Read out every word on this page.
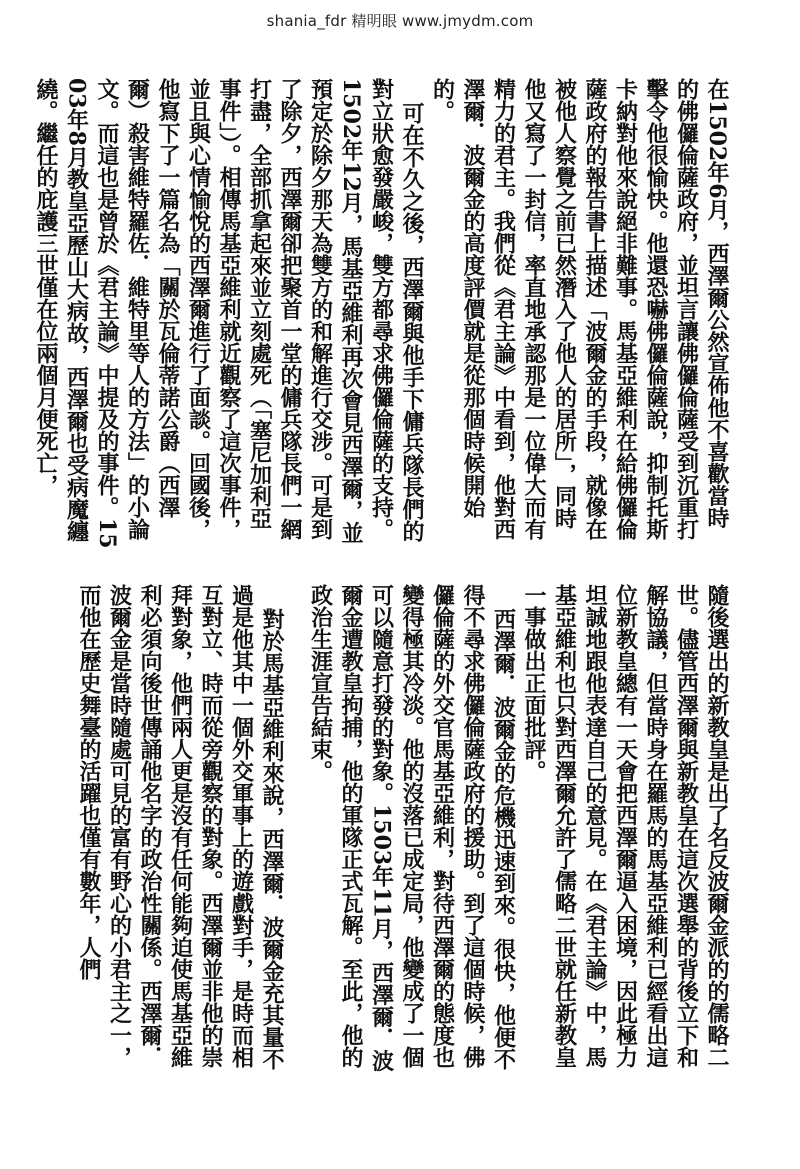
shania_fdr 精明眼 www.jmydm.com

在1502年6月，西澤爾公然宣佈他不喜歡當時的佛儸倫薩政府，並坦言讓佛儸倫薩受到沉重打擊令他很愉快。他還恐嚇佛儸倫薩說，抑制托斯卡納對他來說絕非難事。馬基亞維利在給佛儸倫薩政府的報告書上描述「波爾金的手段，就像在被他人察覺之前已然潛入了他人的居所」，同時他又寫了一封信，率直地承認那是一位偉大而有精力的君主。我們從《君主論》中看到，他對西澤爾．波爾金的高度評價就是從那個時候開始的。

可在不久之後，西澤爾與他手下傭兵隊長們的對立狀愈發嚴峻，雙方都尋求佛儸倫薩的支持。1502年12月，馬基亞維利再次會見西澤爾，並預定於除夕那天為雙方的和解進行交涉。可是到了除夕，西澤爾卻把聚首一堂的傭兵隊長們一網打盡，全部抓拿起來並立刻處死（「塞尼加利亞事件」）。相傳馬基亞維利就近觀察了這次事件，並且與心情愉悅的西澤爾進行了面談。回國後，他寫下了一篇名為「關於瓦倫蒂諾公爵（西澤爾）殺害維特羅佐．維特里等人的方法」的小論文。而這也是曾於《君主論》中提及的事件。1503年8月教皇亞歷山大病故，西澤爾也受病魔纏繞。繼任的庇護三世僅在位兩個月便死亡，

隨後選出的新教皇是出了名反波爾金派的的儒略二世。儘管西澤爾與新教皇在這次選舉的背後立下和解協議，但當時身在羅馬的馬基亞維利已經看出這位新教皇總有一天會把西澤爾逼入困境，因此極力坦誠地跟他表達自己的意見。在《君主論》中，馬基亞維利也只對西澤爾允許了儒略二世就任新教皇一事做出正面批評。

西澤爾．波爾金的危機迅速到來。很快，他便不得不尋求佛儸倫薩政府的援助。到了這個時候，佛儸倫薩的外交官馬基亞維利，對待西澤爾的態度也變得極其冷淡。他的沒落已成定局，他變成了一個可以隨意打發的對象。1503年11月，西澤爾．波爾金遭教皇拘捕，他的軍隊正式瓦解。至此，他的政治生涯宣告結束。

對於馬基亞維利來說，西澤爾．波爾金充其量不過是他其中一個外交軍事上的遊戲對手，是時而相互對立、時而從旁觀察的對象。西澤爾並非他的崇拜對象，他們兩人更是沒有任何能夠迫使馬基亞維利必須向後世傳誦他名字的政治性關係。西澤爾．波爾金是當時隨處可見的富有野心的小君主之一，而他在歷史舞臺的活躍也僅有數年，人們
